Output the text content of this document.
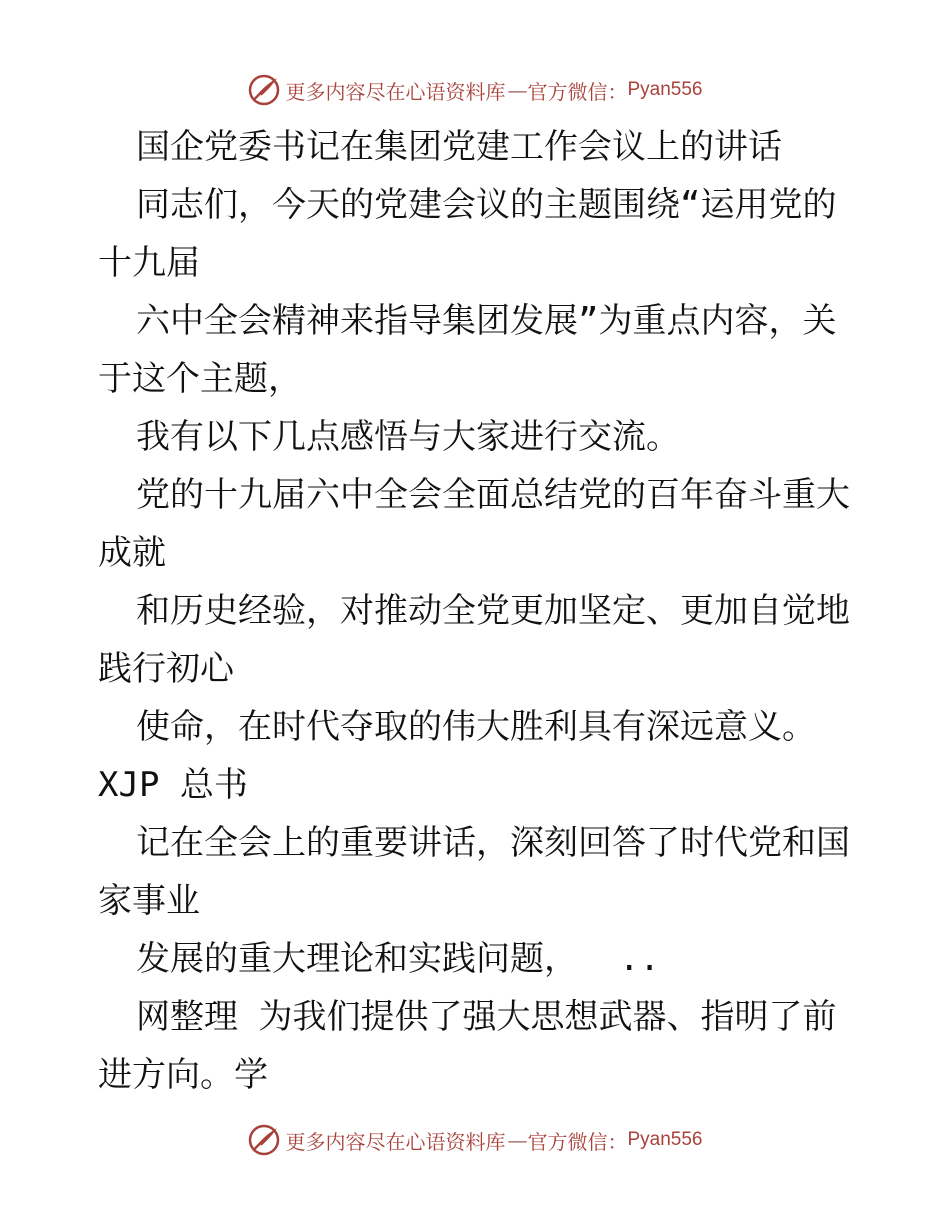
更多内容尽在心语资料库 — 官方微信： Pyan556
国企党委书记在集团党建工作会议上的讲话
同志们，今天的党建会议的主题围绕“运用党的
十九届
六中全会精神来指导集团发展”为重点内容，关
于这个主题，
我有以下几点感悟与大家进行交流。
党的十九届六中全会全面总结党的百年奋斗重大
成就
和历史经验，对推动全党更加坚定、更加自觉地
践行初心
使命，在时代夺取的伟大胜利具有深远意义。
XJP 总书
记在全会上的重要讲话，深刻回答了时代党和国
家事业
发展的重大理论和实践问题，  ..
网整理 为我们提供了强大思想武器、指明了前
进方向。学
更多内容尽在心语资料库 — 官方微信： Pyan556
